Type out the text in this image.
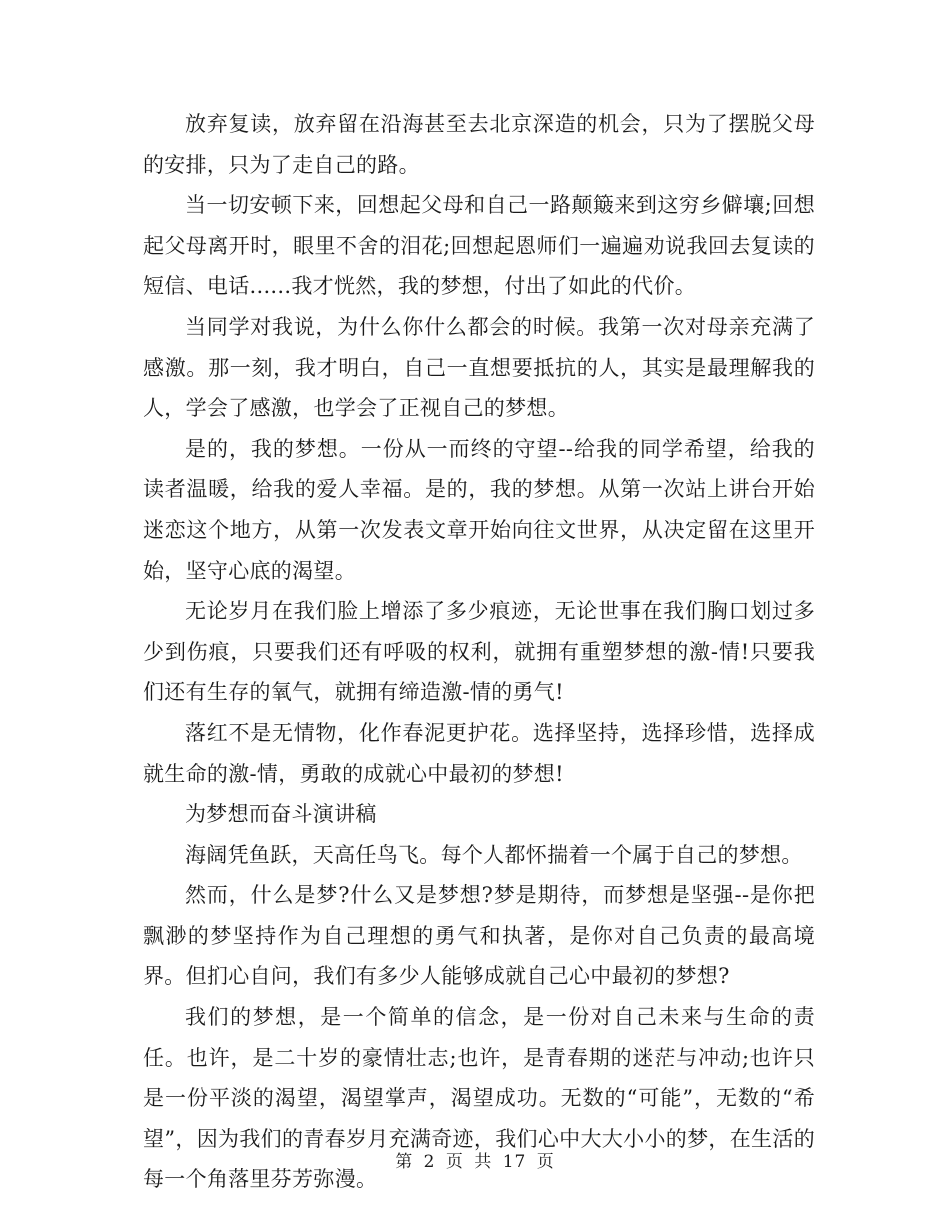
放弃复读，放弃留在沿海甚至去北京深造的机会，只为了摆脱父母的安排，只为了走自己的路。

当一切安顿下来，回想起父母和自己一路颠簸来到这穷乡僻壤;回想起父母离开时，眼里不舍的泪花;回想起恩师们一遍遍劝说我回去复读的短信、电话......我才恍然，我的梦想，付出了如此的代价。

当同学对我说，为什么你什么都会的时候。我第一次对母亲充满了感激。那一刻，我才明白，自己一直想要抵抗的人，其实是最理解我的人，学会了感激，也学会了正视自己的梦想。

是的，我的梦想。一份从一而终的守望--给我的同学希望，给我的读者温暖，给我的爱人幸福。是的，我的梦想。从第一次站上讲台开始迷恋这个地方，从第一次发表文章开始向往文世界，从决定留在这里开始，坚守心底的渴望。

无论岁月在我们脸上增添了多少痕迹，无论世事在我们胸口划过多少到伤痕，只要我们还有呼吸的权利，就拥有重塑梦想的激-情!只要我们还有生存的氧气，就拥有缔造激-情的勇气!

落红不是无情物，化作春泥更护花。选择坚持，选择珍惜，选择成就生命的激-情，勇敢的成就心中最初的梦想!

为梦想而奋斗演讲稿

海阔凭鱼跃，天高任鸟飞。每个人都怀揣着一个属于自己的梦想。

然而，什么是梦?什么又是梦想?梦是期待，而梦想是坚强--是你把飘渺的梦坚持作为自己理想的勇气和执著，是你对自己负责的最高境界。但扪心自问，我们有多少人能够成就自己心中最初的梦想?

我们的梦想，是一个简单的信念，是一份对自己未来与生命的责任。也许，是二十岁的豪情壮志;也许，是青春期的迷茫与冲动;也许只是一份平淡的渴望，渴望掌声，渴望成功。无数的“可能”，无数的“希望”，因为我们的青春岁月充满奇迹，我们心中大大小小的梦，在生活的每一个角落里芬芳弥漫。

第 2 页 共 17 页
